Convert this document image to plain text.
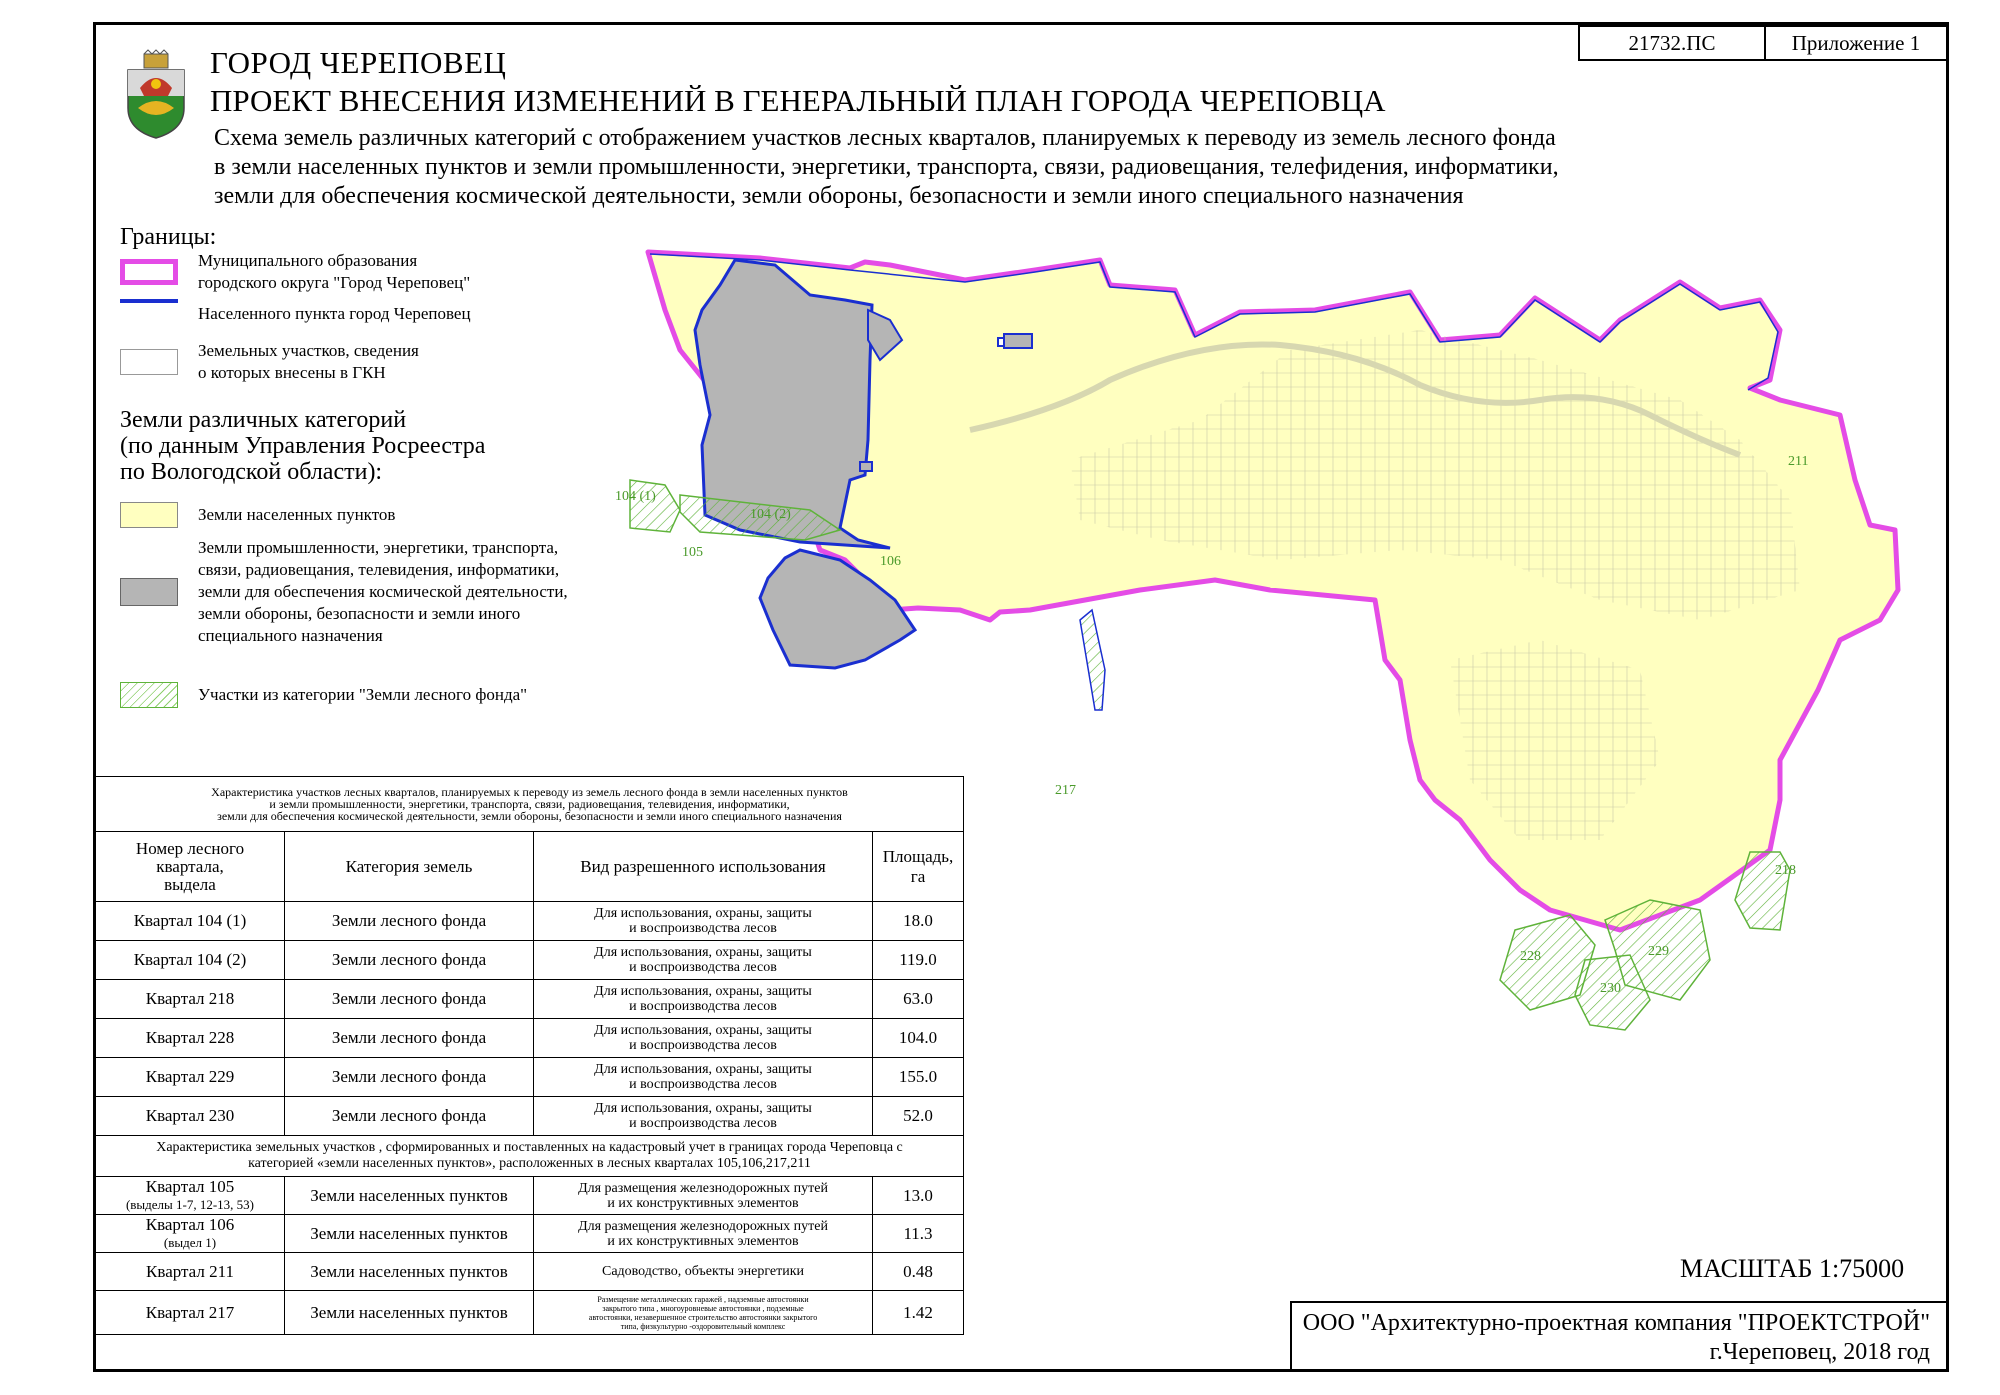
21732.ПС	Приложение 1
ГОРОД ЧЕРЕПОВЕЦ
ПРОЕКТ ВНЕСЕНИЯ ИЗМЕНЕНИЙ В ГЕНЕРАЛЬНЫЙ ПЛАН ГОРОДА ЧЕРЕПОВЦА
Схема земель различных категорий с отображением участков лесных кварталов, планируемых к переводу из земель лесного фонда
в земли населенных пунктов и земли промышленности, энергетики, транспорта, связи, радиовещания, телефидения, информатики,
земли для обеспечения космической деятельности, земли обороны, безопасности и земли иного специального назначения
Границы:
Муниципального образования
городского округа "Город Череповец"
Населенного пункта город Череповец
Земельных участков, сведения
о которых внесены в ГКН
Земли различных категорий
(по данным Управления Росреестра
по Вологодской области):
Земли населенных пунктов
Земли промышленности, энергетики, транспорта,
связи, радиовещания, телевидения, информатики,
земли для обеспечения космической деятельности,
земли обороны, безопасности и земли иного
специального назначения
Участки из категории "Земли лесного фонда"
104 (1)
104 (2)
105
106
211
217
218
228	229
230
Характеристика участков лесных кварталов, планируемых к переводу из земель лесного фонда в земли населенных пунктов
и земли промышленности, энергетики, транспорта, связи, радиовещания, телевидения, информатики,
земли для обеспечения космической деятельности, земли обороны, безопасности и земли иного специального назначения			
Номер лесного
квартала,
выдела	Категория земель	Вид разрешенного использования	Площадь, га
Квартал 104 (1)	Земли лесного фонда	Для использования, охраны, защиты
и воспроизводства лесов	18.0
Квартал 104 (2)	Земли лесного фонда	Для использования, охраны, защиты
и воспроизводства лесов	119.0
Квартал 218	Земли лесного фонда	Для использования, охраны, защиты
и воспроизводства лесов	63.0
Квартал 228	Земли лесного фонда	Для использования, охраны, защиты
и воспроизводства лесов	104.0
Квартал 229	Земли лесного фонда	Для использования, охраны, защиты
и воспроизводства лесов	155.0
Квартал 230	Земли лесного фонда	Для использования, охраны, защиты
и воспроизводства лесов	52.0
Характеристика земельных участков , сформированных и поставленных на кадастровый учет в границах города Череповца с
категорией «земли населенных пунктов», расположенных в лесных кварталах 105,106,217,211			
Квартал 105
(выделы 1-7, 12-13, 53)	Земли населенных пунктов	Для размещения железнодорожных путей
и их конструктивных элементов	13.0
Квартал 106
(выдел 1)	Земли населенных пунктов	Для размещения железнодорожных путей
и их конструктивных элементов	11.3
Квартал 211	Земли населенных пунктов	Садоводство, объекты энергетики	0.48
Квартал 217	Земли населенных пунктов	Размещение металлических гаражей , надземные автостоянки
закрытого типа , многоуровневые автостоянки , подземные
автостоянки, незавершенное строительство автостоянки закрытого
типа, физкультурно -оздоровительный комплекс	1.42
МАСШТАБ 1:75000
ООО "Архитектурно-проектная компания "ПРОЕКТСТРОЙ"
г.Череповец, 2018 год
